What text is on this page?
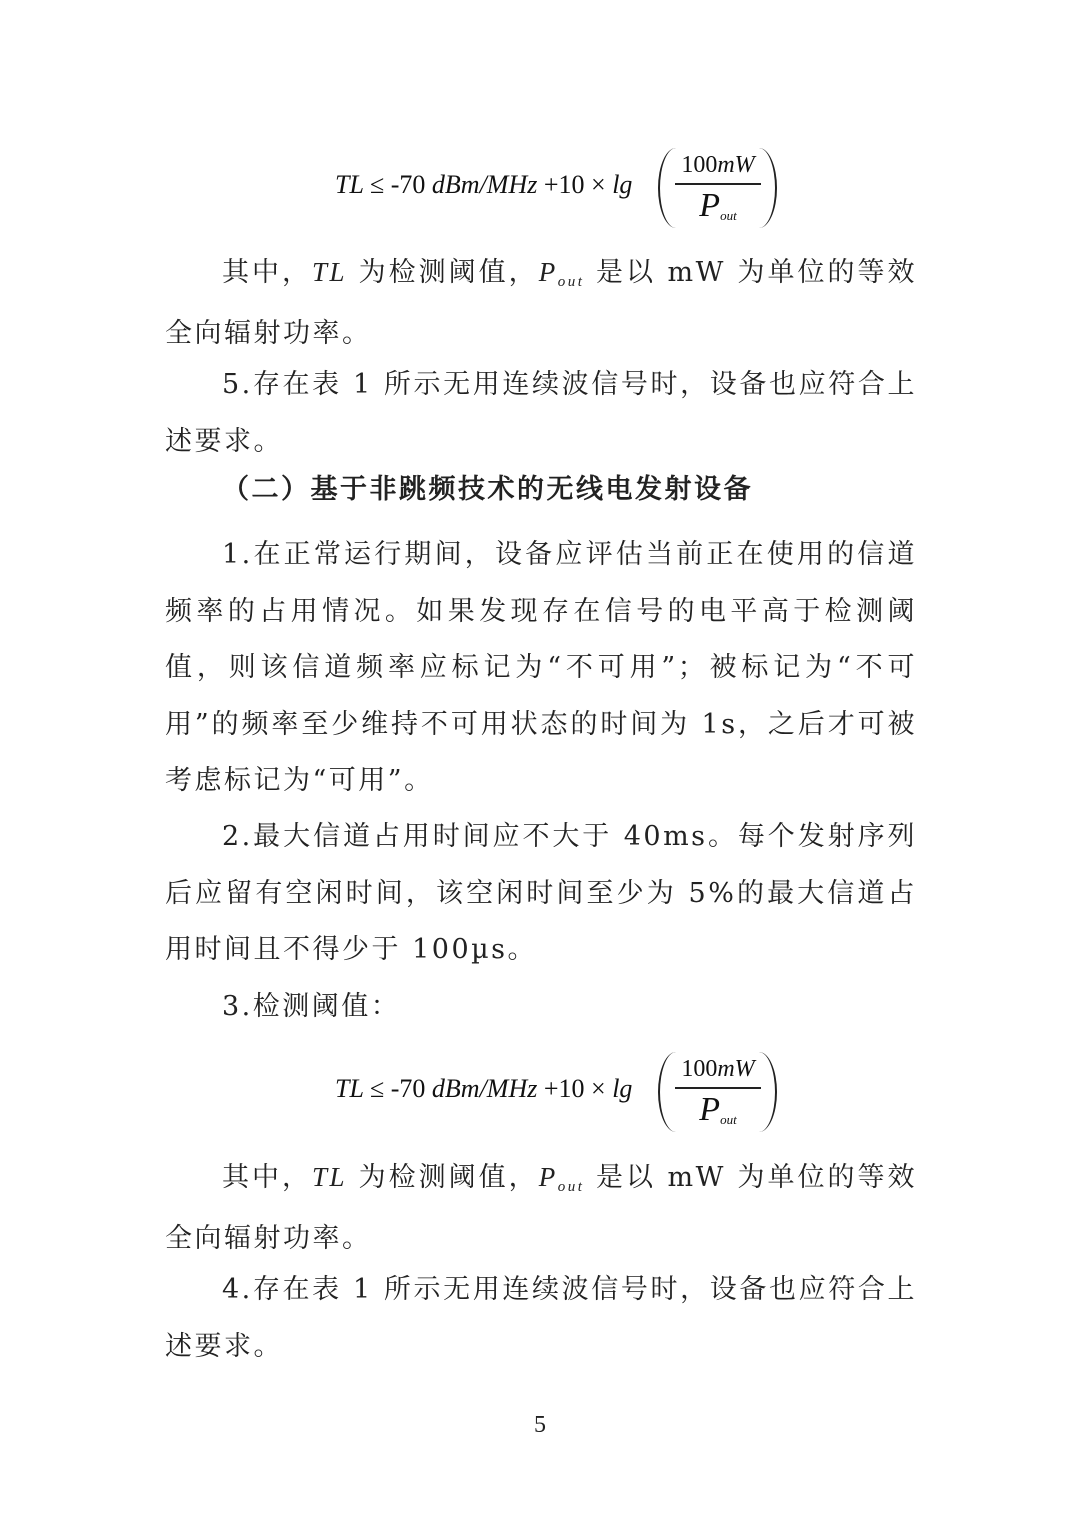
TL ≤ -70 dBm/MHz +10 × lg
100mW
Pout

其中，TL 为检测阈值，Pout 是以 mW 为单位的等效全向辐射功率。

5.存在表 1 所示无用连续波信号时，设备也应符合上述要求。

（二）基于非跳频技术的无线电发射设备

1.在正常运行期间，设备应评估当前正在使用的信道频率的占用情况。如果发现存在信号的电平高于检测阈值，则该信道频率应标记为“不可用”；被标记为“不可用”的频率至少维持不可用状态的时间为 1s，之后才可被考虑标记为“可用”。

2.最大信道占用时间应不大于 40ms。每个发射序列后应留有空闲时间，该空闲时间至少为 5%的最大信道占用时间且不得少于 100µs。

3.检测阈值：

TL ≤ -70 dBm/MHz +10 × lg
100mW
Pout

其中，TL 为检测阈值，Pout 是以 mW 为单位的等效全向辐射功率。

4.存在表 1 所示无用连续波信号时，设备也应符合上述要求。

5
